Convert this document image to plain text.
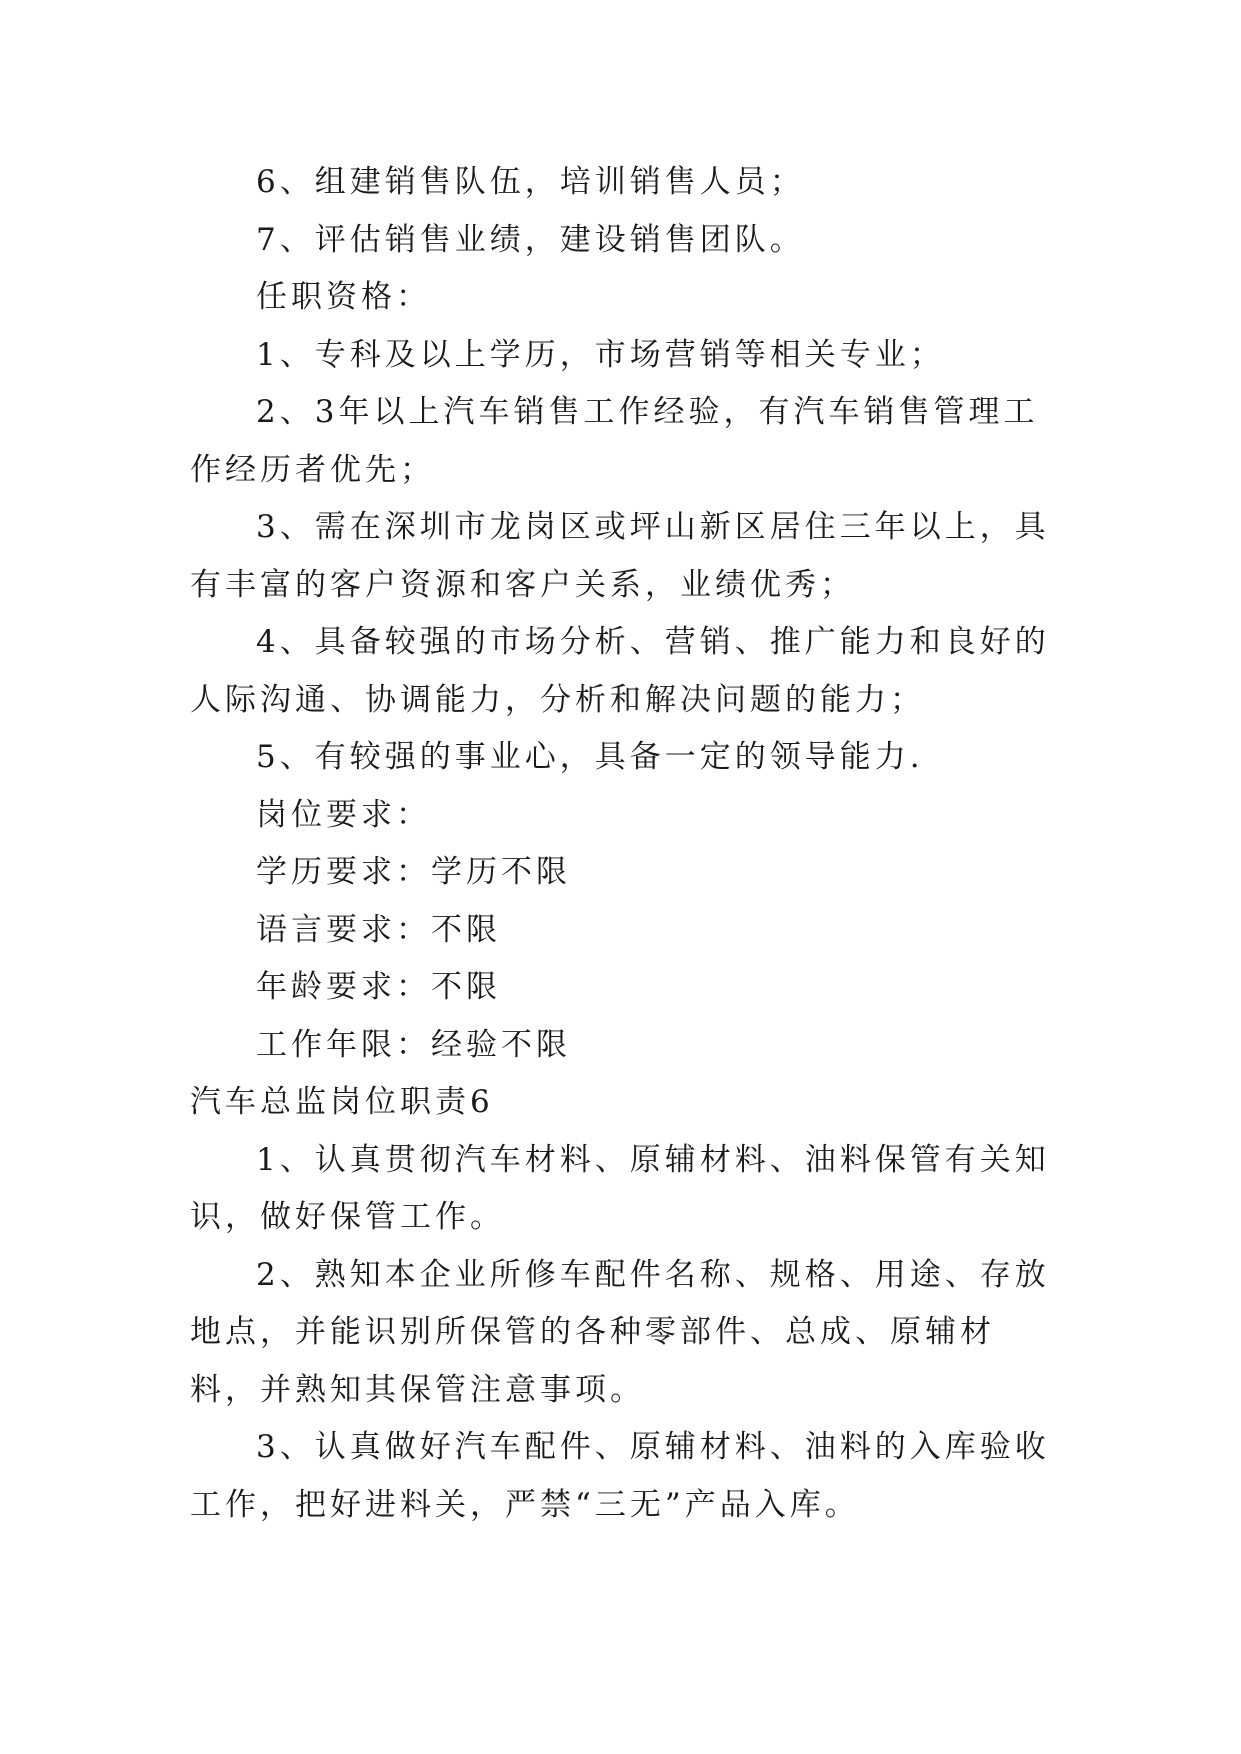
6、组建销售队伍，培训销售人员；

7、评估销售业绩，建设销售团队。

任职资格：

1、专科及以上学历，市场营销等相关专业；

2、3年以上汽车销售工作经验，有汽车销售管理工作经历者优先；

3、需在深圳市龙岗区或坪山新区居住三年以上，具有丰富的客户资源和客户关系，业绩优秀；

4、具备较强的市场分析、营销、推广能力和良好的人际沟通、协调能力，分析和解决问题的能力；

5、有较强的事业心，具备一定的领导能力.

岗位要求：

学历要求：学历不限

语言要求：不限

年龄要求：不限

工作年限：经验不限

汽车总监岗位职责6

1、认真贯彻汽车材料、原辅材料、油料保管有关知识，做好保管工作。

2、熟知本企业所修车配件名称、规格、用途、存放地点，并能识别所保管的各种零部件、总成、原辅材料，并熟知其保管注意事项。

3、认真做好汽车配件、原辅材料、油料的入库验收工作，把好进料关，严禁“三无”产品入库。
